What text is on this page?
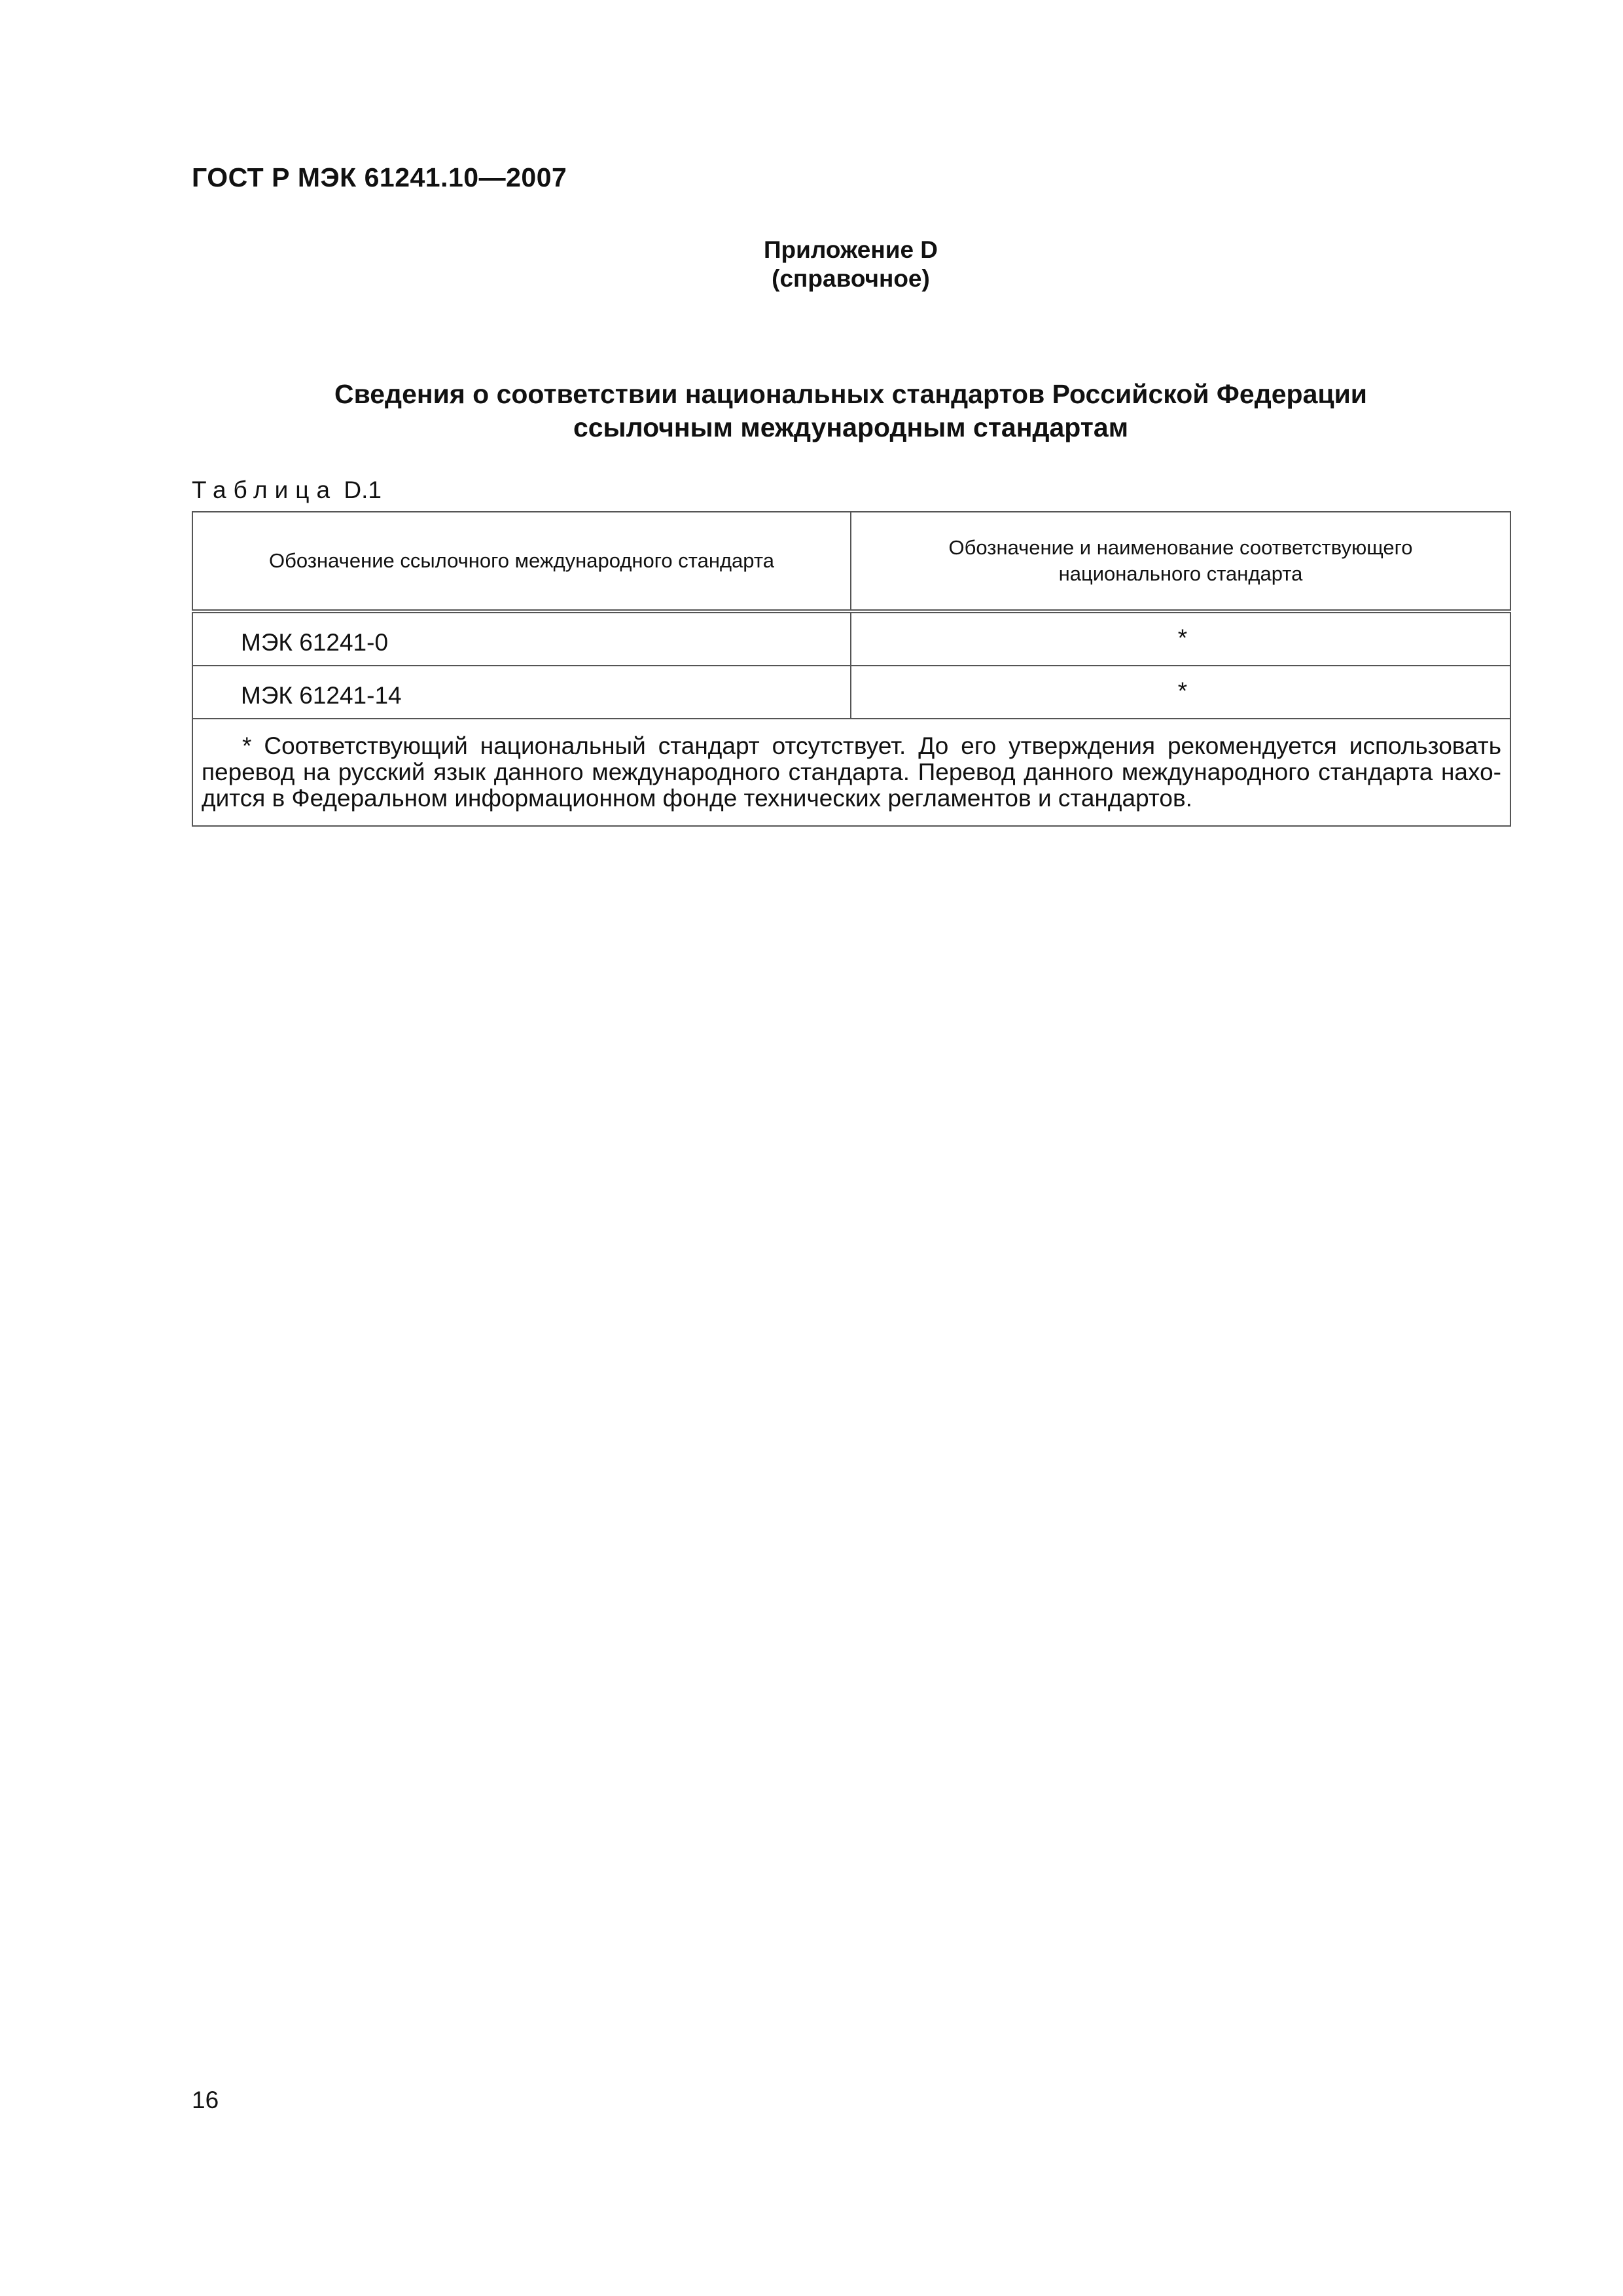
ГОСТ Р МЭК 61241.10—2007
Приложение D
(справочное)
Сведения о соответствии национальных стандартов Российской Федерации
ссылочным международным стандартам
Таблица D.1
Обозначение ссылочного международного стандарта	Обозначение и наименование соответствующего национального стандарта

МЭК 61241-0	*
МЭК 61241-14	*

* Соответствующий национальный стандарт отсутствует. До его утверждения рекомендуется использовать
перевод на русский язык данного международного стандарта. Перевод данного международного стандарта нахо-
дится в Федеральном информационном фонде технических регламентов и стандартов.	
16
